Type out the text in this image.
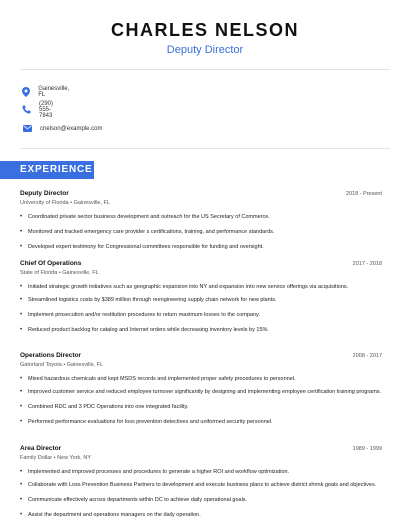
CHARLES NELSON
Deputy Director
Gainesville, FL
(290) 555-7843
cnelson@example.com
EXPERIENCE
Deputy Director	2018 - Present
University of Florida • Gainesville, FL
• Coordinated private sector business development and outreach for the US Secretary of Commerce.
• Monitored and tracked emergency care provider s certifications, training, and performance standards.
• Developed expert testimony for Congressional committees responsible for funding and oversight.
Chief Of Operations	2017 - 2018
State of Florida • Gainesville, FL
• Initiated strategic growth initiatives such as geographic expansion into NY and expansion into new service offerings via acquisitions.
• Streamlined logistics costs by $389 million through reengineering supply chain network for new plants.
• Implement prosecution and/or restitution procedures to return maximum losses to the company.
• Reduced product backlog for catalog and Internet orders while decreasing inventory levels by 15%.
Operations Director	2008 - 2017
Gatorland Toyota • Gainesville, FL
• Mixed hazardous chemicals and kept MSDS records and implemented proper safety procedures to personnel.
• Improved customer service and reduced employee turnover significantly by designing and implementing employee certification training programs.
• Combined RDC and 3 PDC Operations into one integrated facility.
• Performed performance evaluations for loss prevention detectives and uniformed security personnel.
Area Director	1989 - 1999
Family Dollar • New York, NY
• Implemented and improved processes and procedures to generate a higher ROI and workflow optimization.
• Collaborate with Loss Prevention Business Partners to development and execute business plans to achieve district shrink goals and objectives.
• Communicate effectively across departments within DC to achieve daily operational goals.
• Assist the department and operations managers on the daily operation.
